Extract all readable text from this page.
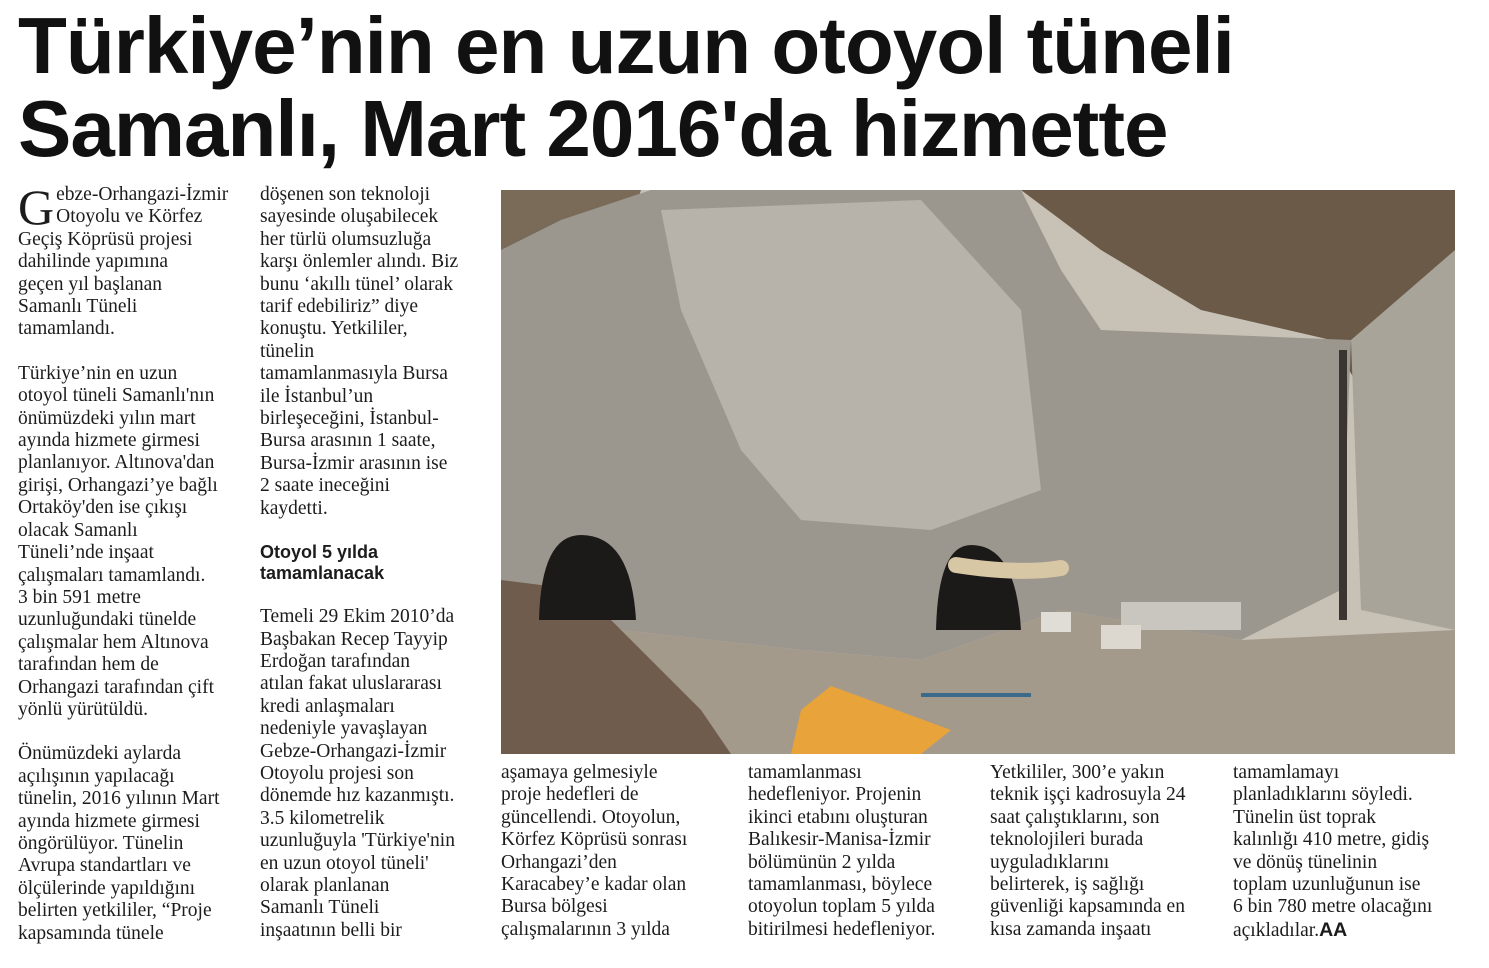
Türkiye’nin en uzun otoyol tüneli
Samanlı, Mart 2016'da hizmette

Gebze-Orhangazi-İzmir
Otoyolu ve Körfez
Geçiş Köprüsü projesi
dahilinde yapımına
geçen yıl başlanan
Samanlı Tüneli
tamamlandı.

Türkiye’nin en uzun
otoyol tüneli Samanlı'nın
önümüzdeki yılın mart
ayında hizmete girmesi
planlanıyor. Altınova'dan
girişi, Orhangazi’ye bağlı
Ortaköy'den ise çıkışı
olacak Samanlı
Tüneli’nde inşaat
çalışmaları tamamlandı.
3 bin 591 metre
uzunluğundaki tünelde
çalışmalar hem Altınova
tarafından hem de
Orhangazi tarafından çift
yönlü yürütüldü.

Önümüzdeki aylarda
açılışının yapılacağı
tünelin, 2016 yılının Mart
ayında hizmete girmesi
öngörülüyor. Tünelin
Avrupa standartları ve
ölçülerinde yapıldığını
belirten yetkililer, “Proje
kapsamında tünele

döşenen son teknoloji
sayesinde oluşabilecek
her türlü olumsuzluğa
karşı önlemler alındı. Biz
bunu ‘akıllı tünel’ olarak
tarif edebiliriz” diye
konuştu. Yetkililer,
tünelin
tamamlanmasıyla Bursa
ile İstanbul’un
birleşeceğini, İstanbul-
Bursa arasının 1 saate,
Bursa-İzmir arasının ise
2 saate ineceğini
kaydetti.

Otoyol 5 yılda
tamamlanacak

Temeli 29 Ekim 2010’da
Başbakan Recep Tayyip
Erdoğan tarafından
atılan fakat uluslararası
kredi anlaşmaları
nedeniyle yavaşlayan
Gebze-Orhangazi-İzmir
Otoyolu projesi son
dönemde hız kazanmıştı.
3.5 kilometrelik
uzunluğuyla 'Türkiye'nin
en uzun otoyol tüneli'
olarak planlanan
Samanlı Tüneli
inşaatının belli bir

aşamaya gelmesiyle
proje hedefleri de
güncellendi. Otoyolun,
Körfez Köprüsü sonrası
Orhangazi’den
Karacabey’e kadar olan
Bursa bölgesi
çalışmalarının 3 yılda

tamamlanması
hedefleniyor. Projenin
ikinci etabını oluşturan
Balıkesir-Manisa-İzmir
bölümünün 2 yılda
tamamlanması, böylece
otoyolun toplam 5 yılda
bitirilmesi hedefleniyor.

Yetkililer, 300’e yakın
teknik işçi kadrosuyla 24
saat çalıştıklarını, son
teknolojileri burada
uyguladıklarını
belirterek, iş sağlığı
güvenliği kapsamında en
kısa zamanda inşaatı

tamamlamayı
planladıklarını söyledi.
Tünelin üst toprak
kalınlığı 410 metre, gidiş
ve dönüş tünelinin
toplam uzunluğunun ise
6 bin 780 metre olacağını
açıkladılar.AA
